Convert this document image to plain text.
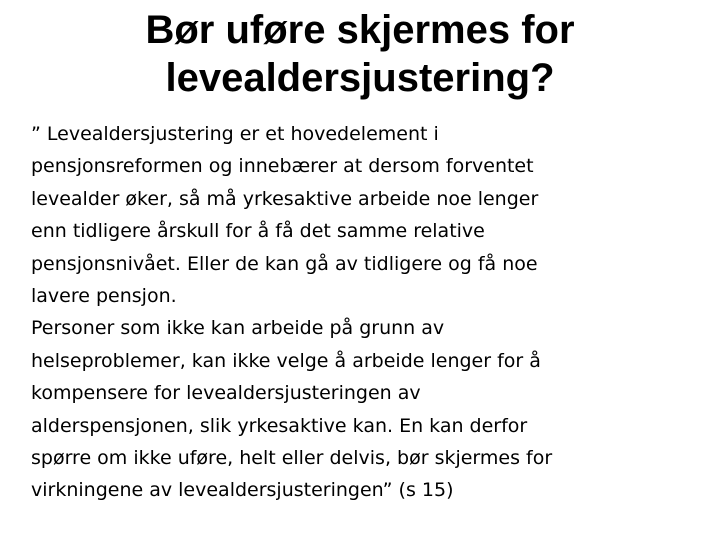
Bør uføre skjermes for
levealdersjustering?
” Levealdersjustering er et hovedelement i
pensjonsreformen og innebærer at dersom forventet
levealder øker, så må yrkesaktive arbeide noe lenger
enn tidligere årskull for å få det samme relative
pensjonsnivået. Eller de kan gå av tidligere og få noe
lavere pensjon.
Personer som ikke kan arbeide på grunn av
helseproblemer, kan ikke velge å arbeide lenger for å
kompensere for levealdersjusteringen av
alderspensjonen, slik yrkesaktive kan. En kan derfor
spørre om ikke uføre, helt eller delvis, bør skjermes for
virkningene av levealdersjusteringen” (s 15)
